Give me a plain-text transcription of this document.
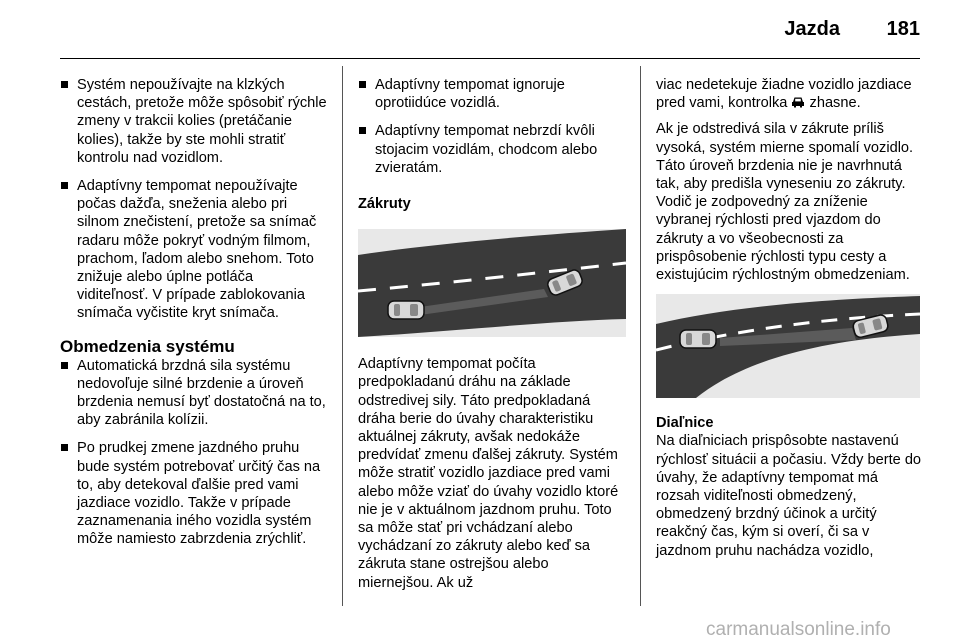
Jazda 181
Systém nepoužívajte na klzkých cestách, pretože môže spôsobiť rýchle zmeny v trakcii kolies (pretáčanie kolies), takže by ste mohli stratiť kontrolu nad vozidlom.
Adaptívny tempomat nepoužívajte počas dažďa, sneženia alebo pri silnom znečistení, pretože sa snímač radaru môže pokryť vodným filmom, prachom, ľadom alebo snehom. Toto znižuje alebo úplne potláča viditeľnosť. V prípade zablokovania snímača vyčistite kryt snímača.
Obmedzenia systému
Automatická brzdná sila systému nedovoľuje silné brzdenie a úroveň brzdenia nemusí byť dostatočná na to, aby zabránila kolízii.
Po prudkej zmene jazdného pruhu bude systém potrebovať určitý čas na to, aby detekoval ďalšie pred vami jazdiace vozidlo. Takže v prípade zaznamenania iného vozidla systém môže namiesto zabrzdenia zrýchliť.
Adaptívny tempomat ignoruje oprotiidúce vozidlá.
Adaptívny tempomat nebrzdí kvôli stojacim vozidlám, chodcom alebo zvieratám.
Zákruty

Adaptívny tempomat počíta predpokladanú dráhu na základe odstredivej sily. Táto predpokladaná dráha berie do úvahy charakteristiku aktuálnej zákruty, avšak nedokáže predvídať zmenu ďalšej zákruty. Systém môže stratiť vozidlo jazdiace pred vami alebo môže vziať do úvahy vozidlo ktoré nie je v aktuálnom jazdnom pruhu. Toto sa môže stať pri vchádzaní alebo vychádzaní zo zákruty alebo keď sa zákruta stane ostrejšou alebo miernejšou. Ak už

viac nedetekuje žiadne vozidlo jazdiace pred vami, kontrolka zhasne.

Ak je odstredivá sila v zákrute príliš vysoká, systém mierne spomalí vozidlo. Táto úroveň brzdenia nie je navrhnutá tak, aby predišla vyneseniu zo zákruty. Vodič je zodpovedný za zníženie vybranej rýchlosti pred vjazdom do zákruty a vo všeobecnosti za prispôsobenie rýchlosti typu cesty a existujúcim rýchlostným obmedzeniam.

Diaľnice

Na diaľniciach prispôsobte nastavenú rýchlosť situácii a počasiu. Vždy berte do úvahy, že adaptívny tempomat má rozsah viditeľnosti obmedzený, obmedzený brzdný účinok a určitý reakčný čas, kým si overí, či sa v jazdnom pruhu nachádza vozidlo,

carmanualsonline.info
